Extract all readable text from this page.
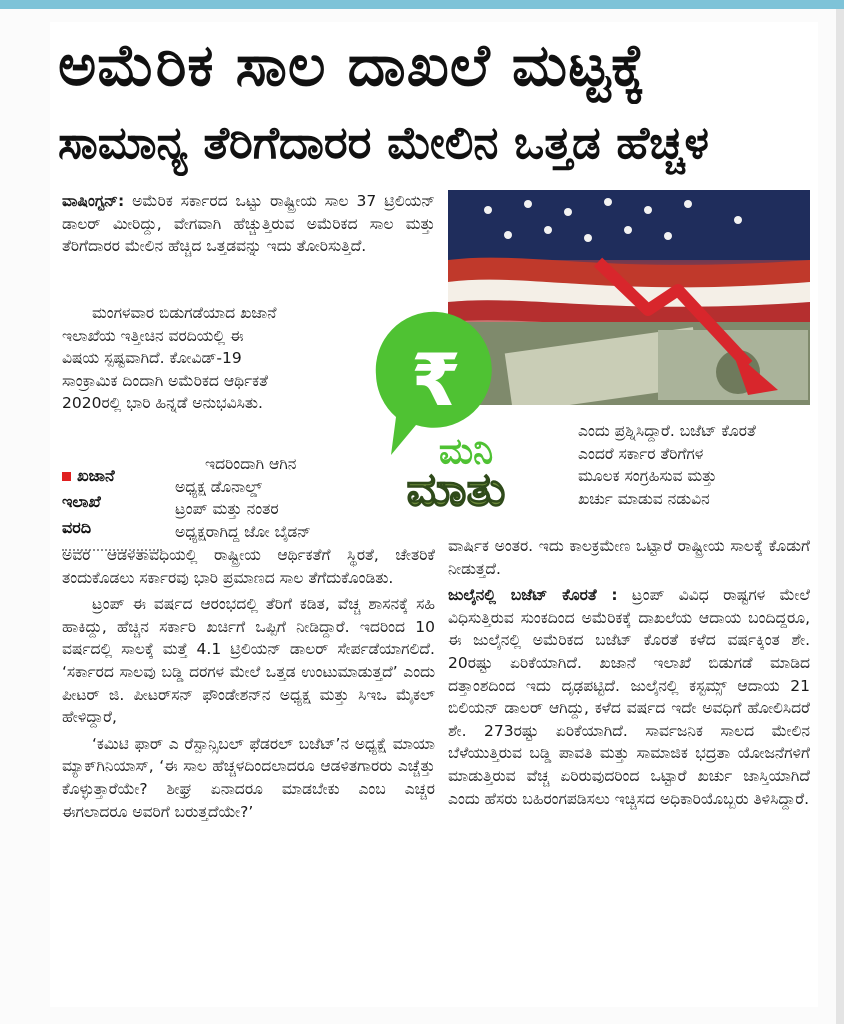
ಅಮೆರಿಕ ಸಾಲ ದಾಖಲೆ ಮಟ್ಟಕ್ಕೆ
ಸಾಮಾನ್ಯ ತೆರಿಗೆದಾರರ ಮೇಲಿನ ಒತ್ತಡ ಹೆಚ್ಚಳ
₹
ಮನಿ
ಮಾತು

ವಾಷಿಂಗ್ಟನ್: ಅಮೆರಿಕ ಸರ್ಕಾರದ ಒಟ್ಟು ರಾಷ್ಟ್ರೀಯ ಸಾಲ 37 ಟ್ರಿಲಿಯನ್ ಡಾಲರ್ ಮೀರಿದ್ದು, ವೇಗವಾಗಿ ಹೆಚ್ಚುತ್ತಿರುವ ಅಮೆರಿಕದ ಸಾಲ ಮತ್ತು ತೆರಿಗೆದಾರರ ಮೇಲಿನ ಹೆಚ್ಚಿದ ಒತ್ತಡವನ್ನು ಇದು ತೋರಿಸುತ್ತಿದೆ.

ಮಂಗಳವಾರ ಬಿಡುಗಡೆಯಾದ ಖಜಾನೆ

ಇಲಾಖೆಯ ಇತ್ತೀಚಿನ ವರದಿಯಲ್ಲಿ ಈ

ವಿಷಯ ಸ್ಪಷ್ಟವಾಗಿದೆ. ಕೋವಿಡ್‌-19

ಸಾಂಕ್ರಾಮಿಕ ದಿಂದಾಗಿ ಅಮೆರಿಕದ ಆರ್ಥಿಕತೆ

2020ರಲ್ಲಿ ಭಾರಿ ಹಿನ್ನಡೆ ಅನುಭವಿಸಿತು.

ಖಜಾನೆ
ಇಲಾಖೆ
ವರದಿ

ಇದರಿಂದಾಗಿ ಆಗಿನ

ಅಧ್ಯಕ್ಷ ಡೊನಾಲ್ಡ್

ಟ್ರಂಪ್ ಮತ್ತು ನಂತರ

ಅಧ್ಯಕ್ಷರಾಗಿದ್ದ ಜೋ ಬೈಡನ್

ಅವರ ಆಡಳಿತಾವಧಿಯಲ್ಲಿ ರಾಷ್ಟ್ರೀಯ ಆರ್ಥಿಕತೆಗೆ ಸ್ಥಿರತೆ, ಚೇತರಿಕೆ ತಂದುಕೊಡಲು ಸರ್ಕಾರವು ಭಾರಿ ಪ್ರಮಾಣದ ಸಾಲ ತೆಗೆದುಕೊಂಡಿತು.

ಟ್ರಂಪ್ ಈ ವರ್ಷದ ಆರಂಭದಲ್ಲಿ ತೆರಿಗೆ ಕಡಿತ, ವೆಚ್ಚ ಶಾಸನಕ್ಕೆ ಸಹಿ ಹಾಕಿದ್ದು, ಹೆಚ್ಚಿನ ಸರ್ಕಾರಿ ಖರ್ಚಿಗೆ ಒಪ್ಪಿಗೆ ನೀಡಿದ್ದಾರೆ. ಇದರಿಂದ 10 ವರ್ಷದಲ್ಲಿ ಸಾಲಕ್ಕೆ ಮತ್ತೆ 4.1 ಟ್ರಿಲಿಯನ್ ಡಾಲರ್ ಸೇರ್ಪಡೆಯಾಗಲಿದೆ. ‘ಸರ್ಕಾರದ ಸಾಲವು ಬಡ್ಡಿ ದರಗಳ ಮೇಲೆ ಒತ್ತಡ ಉಂಟುಮಾಡುತ್ತದೆ’ ಎಂದು ಪೀಟರ್ ಜಿ. ಪೀಟರ್‌ಸನ್ ಫೌಂಡೇಶನ್‌ನ ಅಧ್ಯಕ್ಷ ಮತ್ತು ಸಿಇಒ ಮೈಕಲ್ ಹೇಳಿದ್ದಾರೆ,

‘ಕಮಿಟಿ ಫಾರ್ ಎ ರೆಸ್ಪಾನ್ಸಿಬಲ್ ಫೆಡರಲ್ ಬಜೆಟ್’ನ ಅಧ್ಯಕ್ಷೆ ಮಾಯಾ ಮ್ಯಾಕ್‌ಗಿನಿಯಾಸ್, ‘ಈ ಸಾಲ ಹೆಚ್ಚಳದಿಂದಲಾದರೂ ಆಡಳಿತಗಾರರು ಎಚ್ಚೆತ್ತು ಕೊಳ್ಳುತ್ತಾರೆಯೇ? ಶೀಘ್ರ ಏನಾದರೂ ಮಾಡಬೇಕು ಎಂಬ ಎಚ್ಚರ ಈಗಲಾದರೂ ಅವರಿಗೆ ಬರುತ್ತದೆಯೇ?’

ಎಂದು ಪ್ರಶ್ನಿಸಿದ್ದಾರೆ. ಬಜೆಟ್ ಕೊರತೆ

ಎಂದರೆ ಸರ್ಕಾರ ತೆರಿಗೆಗಳ

ಮೂಲಕ ಸಂಗ್ರಹಿಸುವ ಮತ್ತು

ಖರ್ಚು ಮಾಡುವ ನಡುವಿನ

ವಾರ್ಷಿಕ ಅಂತರ. ಇದು ಕಾಲಕ್ರಮೇಣ ಒಟ್ಟಾರೆ ರಾಷ್ಟ್ರೀಯ ಸಾಲಕ್ಕೆ ಕೊಡುಗೆ ನೀಡುತ್ತದೆ.

ಜುಲೈನಲ್ಲಿ ಬಜೆಟ್ ಕೊರತೆ : ಟ್ರಂಪ್ ವಿವಿಧ ರಾಷ್ಟಗಳ ಮೇಲೆ ವಿಧಿಸುತ್ತಿರುವ ಸುಂಕದಿಂದ ಅಮೆರಿಕಕ್ಕೆ ದಾಖಲೆಯ ಆದಾಯ ಬಂದಿದ್ದರೂ, ಈ ಜುಲೈನಲ್ಲಿ ಅಮೆರಿಕದ ಬಜೆಟ್ ಕೊರತೆ ಕಳೆದ ವರ್ಷಕ್ಕಿಂತ ಶೇ. 20ರಷ್ಟು ಏರಿಕೆಯಾಗಿದೆ. ಖಜಾನೆ ಇಲಾಖೆ ಬಿಡುಗಡೆ ಮಾಡಿದ ದತ್ತಾಂಶದಿಂದ ಇದು ದೃಢಪಟ್ಟಿದೆ. ಜುಲೈನಲ್ಲಿ ಕಸ್ಟಮ್ಸ್ ಆದಾಯ 21 ಬಿಲಿಯನ್ ಡಾಲರ್ ಆಗಿದ್ದು, ಕಳೆದ ವರ್ಷದ ಇದೇ ಅವಧಿಗೆ ಹೋಲಿಸಿದರೆ ಶೇ. 273ರಷ್ಟು ಏರಿಕೆಯಾಗಿದೆ. ಸಾರ್ವಜನಿಕ ಸಾಲದ ಮೇಲಿನ ಬೆಳೆಯುತ್ತಿರುವ ಬಡ್ಡಿ ಪಾವತಿ ಮತ್ತು ಸಾಮಾಜಿಕ ಭದ್ರತಾ ಯೋಜನೆಗಳಿಗೆ ಮಾಡುತ್ತಿರುವ ವೆಚ್ಚ ಏರಿರುವುದರಿಂದ ಒಟ್ಟಾರೆ ಖರ್ಚು ಜಾಸ್ತಿಯಾಗಿದೆ ಎಂದು ಹೆಸರು ಬಹಿರಂಗಪಡಿಸಲು ಇಚ್ಚಿಸದ ಅಧಿಕಾರಿಯೊಬ್ಬರು ತಿಳಿಸಿದ್ದಾರೆ.
